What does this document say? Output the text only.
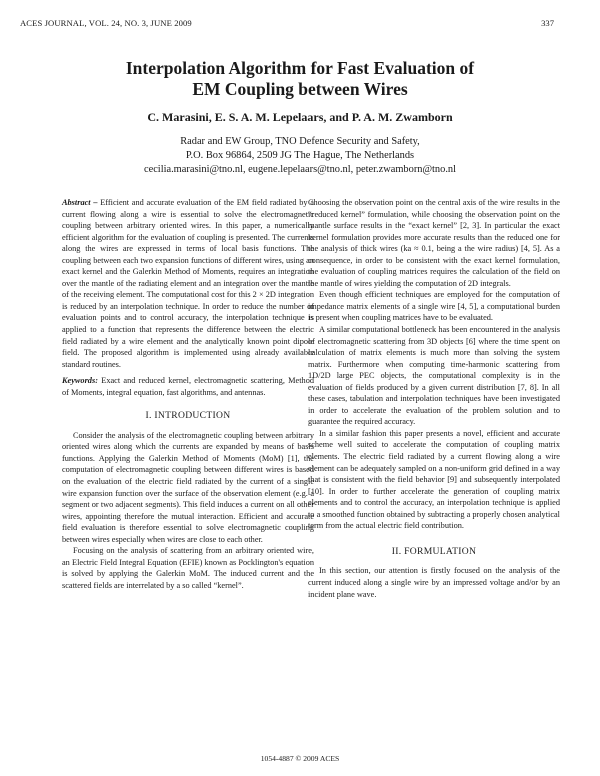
ACES JOURNAL, VOL. 24, NO. 3, JUNE 2009	337
Interpolation Algorithm for Fast Evaluation of
EM Coupling between Wires
C. Marasini, E. S. A. M. Lepelaars, and P. A. M. Zwamborn
Radar and EW Group, TNO Defence Security and Safety,
P.O. Box 96864, 2509 JG The Hague, The Netherlands
cecilia.marasini@tno.nl, eugene.lepelaars@tno.nl, peter.zwamborn@tno.nl

Abstract – Efficient and accurate evaluation of the EM field radiated by a current flowing along a wire is essential to solve the electromagnetic coupling between arbitrary oriented wires. In this paper, a numerically efficient algorithm for the evaluation of coupling is presented. The currents along the wires are expressed in terms of local basis functions. The coupling between each two expansion functions of different wires, using an exact kernel and the Galerkin Method of Moments, requires an integration over the mantle of the radiating element and an integration over the mantle of the receiving element. The computational cost for this 2 × 2D integration is reduced by an interpolation technique. In order to reduce the number of evaluation points and to control accuracy, the interpolation technique is applied to a function that represents the difference between the electric field radiated by a wire element and the analytically known point dipole field. The proposed algorithm is implemented using already available standard routines.

Keywords: Exact and reduced kernel, electromagnetic scattering, Method of Moments, integral equation, fast algorithms, and antennas.

I. INTRODUCTION

Consider the analysis of the electromagnetic coupling between arbitrary oriented wires along which the currents are expanded by means of basis functions. Applying the Galerkin Method of Moments (MoM) [1], the computation of electromagnetic coupling between different wires is based on the evaluation of the electric field radiated by the current of a single wire expansion function over the surface of the observation element (e.g. a segment or two adjacent segments). This field induces a current on all other wires, appointing therefore the mutual interaction. Efficient and accurate field evaluation is therefore essential to solve electromagnetic coupling between wires especially when wires are close to each other.

Focusing on the analysis of scattering from an arbitrary oriented wire, an Electric Field Integral Equation (EFIE) known as Pocklington's equation is solved by applying the Galerkin MoM. The induced current and the scattered fields are interrelated by a so called “kernel”.

Choosing the observation point on the central axis of the wire results in the “reduced kernel” formulation, while choosing the observation point on the mantle surface results in the “exact kernel” [2, 3]. In particular the exact kernel formulation provides more accurate results than the reduced one for the analysis of thick wires (ka ≈ 0.1, being a the wire radius) [4, 5]. As a consequence, in order to be consistent with the exact kernel formulation, the evaluation of coupling matrices requires the calculation of the field on the mantle of wires yielding the computation of 2D integrals.

Even though efficient techniques are employed for the computation of impedance matrix elements of a single wire [4, 5], a computational burden is present when coupling matrices have to be evaluated.

A similar computational bottleneck has been encountered in the analysis of electromagnetic scattering from 3D objects [6] where the time spent on calculation of matrix elements is much more than solving the system matrix. Furthermore when computing time-harmonic scattering from 1D/2D large PEC objects, the computational complexity is in the evaluation of fields produced by a given current distribution [7, 8]. In all these cases, tabulation and interpolation techniques have been investigated in order to accelerate the evaluation of the problem solution and to guarantee the required accuracy.

In a similar fashion this paper presents a novel, efficient and accurate scheme well suited to accelerate the computation of coupling matrix elements. The electric field radiated by a current flowing along a wire element can be adequately sampled on a non-uniform grid defined in a way that is consistent with the field behavior [9] and subsequently interpolated [10]. In order to further accelerate the generation of coupling matrix elements and to control the accuracy, an interpolation technique is applied to a smoothed function obtained by subtracting a properly chosen analytical term from the actual electric field contribution.

II. FORMULATION

In this section, our attention is firstly focused on the analysis of the current induced along a single wire by an impressed voltage and/or by an incident plane wave.

1054-4887 © 2009 ACES
